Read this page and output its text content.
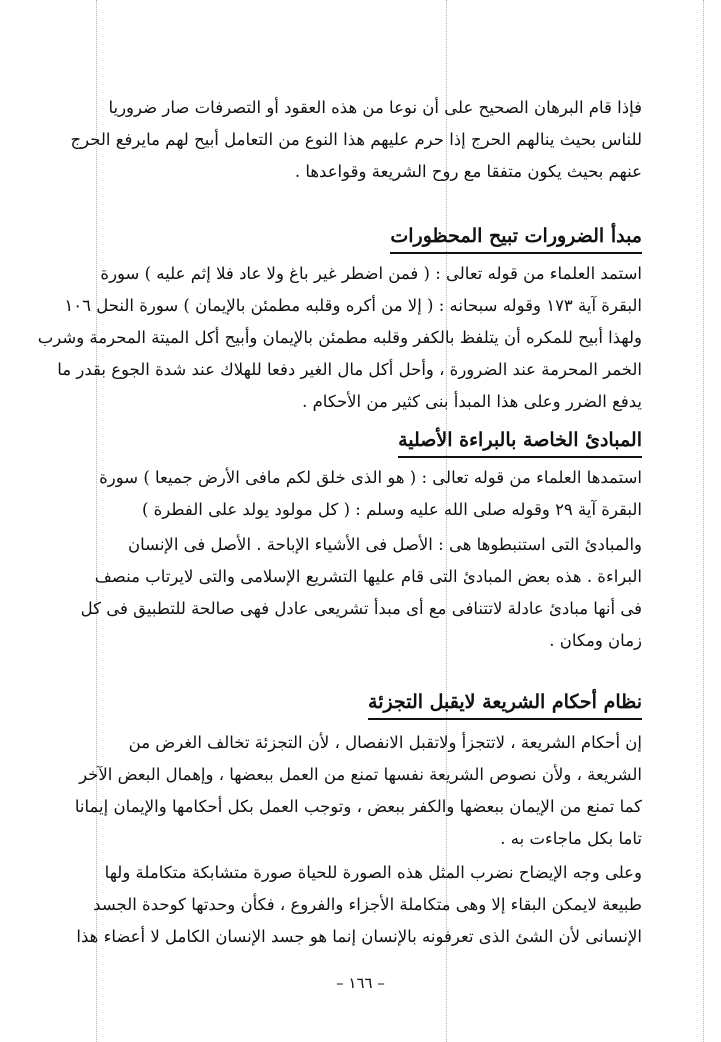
فإذا قام البرهان الصحيح على أن نوعا من هذه العقود أو التصرفات صار ضروريا
للناس بحيث ينالهم الحرج إذا حرم عليهم هذا النوع من التعامل أبيح لهم مايرفع الحرج
عنهم بحيث يكون متفقا مع روح الشريعة وقواعدها .
مبدأ الضرورات تبيح المحظورات
استمد العلماء من قوله تعالى : ( فمن اضطر غير باغ ولا عاد فلا إثم عليه ) سورة
البقرة آية ١٧٣ وقوله سبحانه : ( إلا من أكره وقلبه مطمئن بالإيمان ) سورة النحل ١٠٦
ولهذا أبيح للمكره أن يتلفظ بالكفر وقلبه مطمئن بالإيمان وأبيح أكل الميتة المحرمة وشرب
الخمر المحرمة عند الضرورة ، وأحل أكل مال الغير دفعا للهلاك عند شدة الجوع بقدر ما
يدفع الضرر وعلى هذا المبدأ بنى كثير من الأحكام .
المبادئ الخاصة بالبراءة الأصلية
استمدها العلماء من قوله تعالى : ( هو الذى خلق لكم مافى الأرض جميعا ) سورة
البقرة آية ٢٩ وقوله صلى الله عليه وسلم : ( كل مولود يولد على الفطرة )
والمبادئ التى استنبطوها هى : الأصل فى الأشياء الإباحة . الأصل فى الإنسان
البراءة . هذه بعض المبادئ التى قام عليها التشريع الإسلامى والتى لايرتاب منصف
فى أنها مبادئ عادلة لاتتنافى مع أى مبدأ تشريعى عادل فهى صالحة للتطبيق فى كل
زمان ومكان .
نظام أحكام الشريعة لايقبل التجزئة
إن أحكام الشريعة ، لاتتجزأ ولاتقبل الانفصال ، لأن التجزئة تخالف الغرض من
الشريعة ، ولأن نصوص الشريعة نفسها تمنع من العمل ببعضها ، وإهمال البعض الآخر
كما تمنع من الإيمان ببعضها والكفر ببعض ، وتوجب العمل بكل أحكامها والإيمان إيمانا
تاما بكل ماجاءت به .
وعلى وجه الإيضاح نضرب المثل هذه الصورة للحياة صورة متشابكة متكاملة ولها
طبيعة لايمكن البقاء إلا وهى متكاملة الأجزاء والفروع ، فكأن وحدتها كوحدة الجسد
الإنسانى لأن الشئ الذى تعرفونه بالإنسان إنما هو جسد الإنسان الكامل لا أعضاء هذا
– ١٦٦ –
